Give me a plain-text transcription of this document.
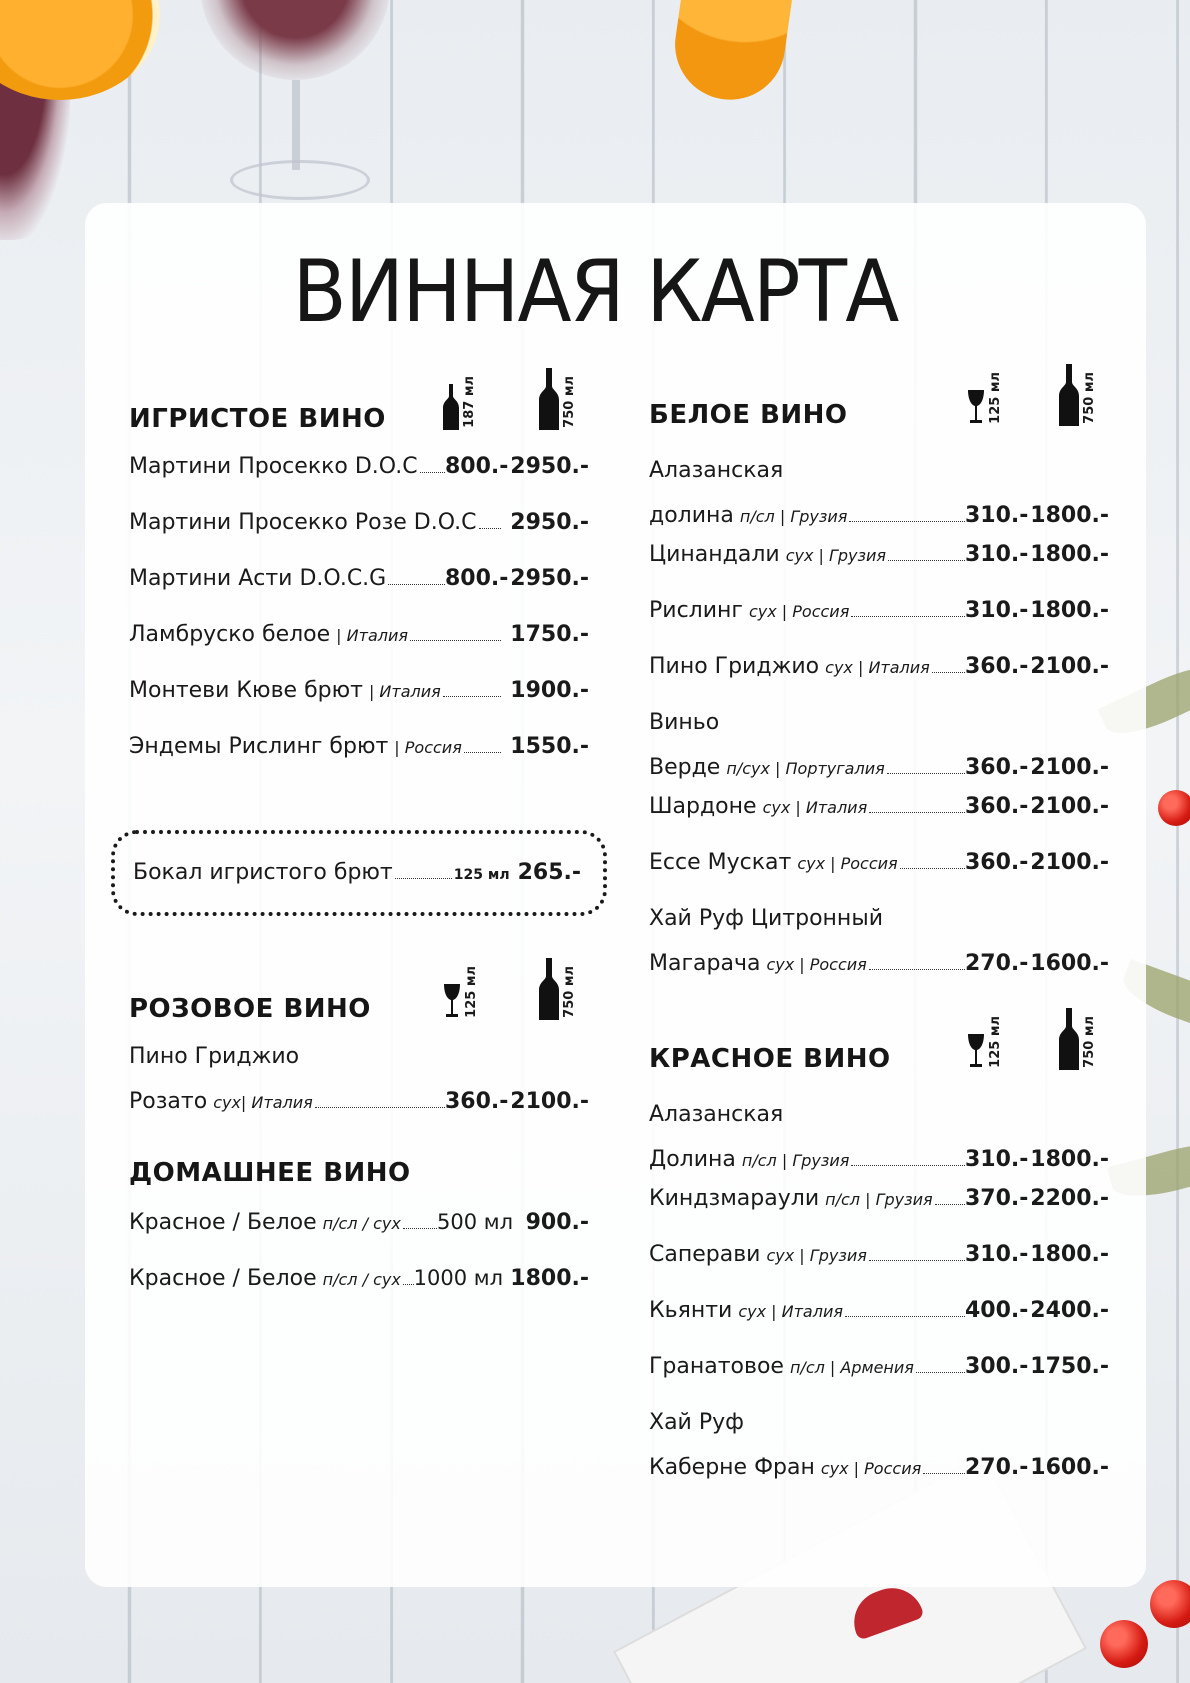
ВИННАЯ КАРТА
ИГРИСТОЕ ВИНО	187 мл	750 мл
Мартини Просекко D.O.C 800.- 2950.-
Мартини Просекко Розе D.O.C	2950.-
Мартини Асти D.O.C.G	800.- 2950.-
Ламбруско белое | Италия	1750.-
Монтеви Кюве брют | Италия	1900.-
Эндемы Рислинг брют | Россия	1550.-
РОЗОВОЕ ВИНО	125 мл	750 мл
Пино Гриджио
Розато сух| Италия	360.- 2100.-
ДОМАШНЕЕ ВИНО
Красное / Белое п/сл / сух 500 мл 900.-
Красное / Белое п/сл / сух 1000 мл 1800.-
Бокал игристого брют	125 мл 265.-
БЕЛОЕ ВИНО	125 мл	750 мл
Алазанская
долина п/сл | Грузия	310.- 1800.-
Цинандали сух | Грузия	310.- 1800.-
Рислинг сух | Россия	310.- 1800.-
Пино Гриджио сух | Италия 360.- 2100.-
Виньо
Верде п/сух | Португалия	360.- 2100.-
Шардоне сух | Италия	360.- 2100.-
Ессе Мускат сух | Россия	360.- 2100.-
Хай Руф Цитронный
Магарача сух | Россия	270.- 1600.-
КРАСНОЕ ВИНО	125 мл	750 мл
Алазанская
Долина п/сл | Грузия	310.- 1800.-
Киндзмараули п/сл | Грузия 370.- 2200.-
Саперави сух | Грузия	310.- 1800.-
Кьянти сух | Италия	400.- 2400.-
Гранатовое п/сл | Армения 300.- 1750.-
Хай Руф
Каберне Фран сух | Россия 270.- 1600.-
